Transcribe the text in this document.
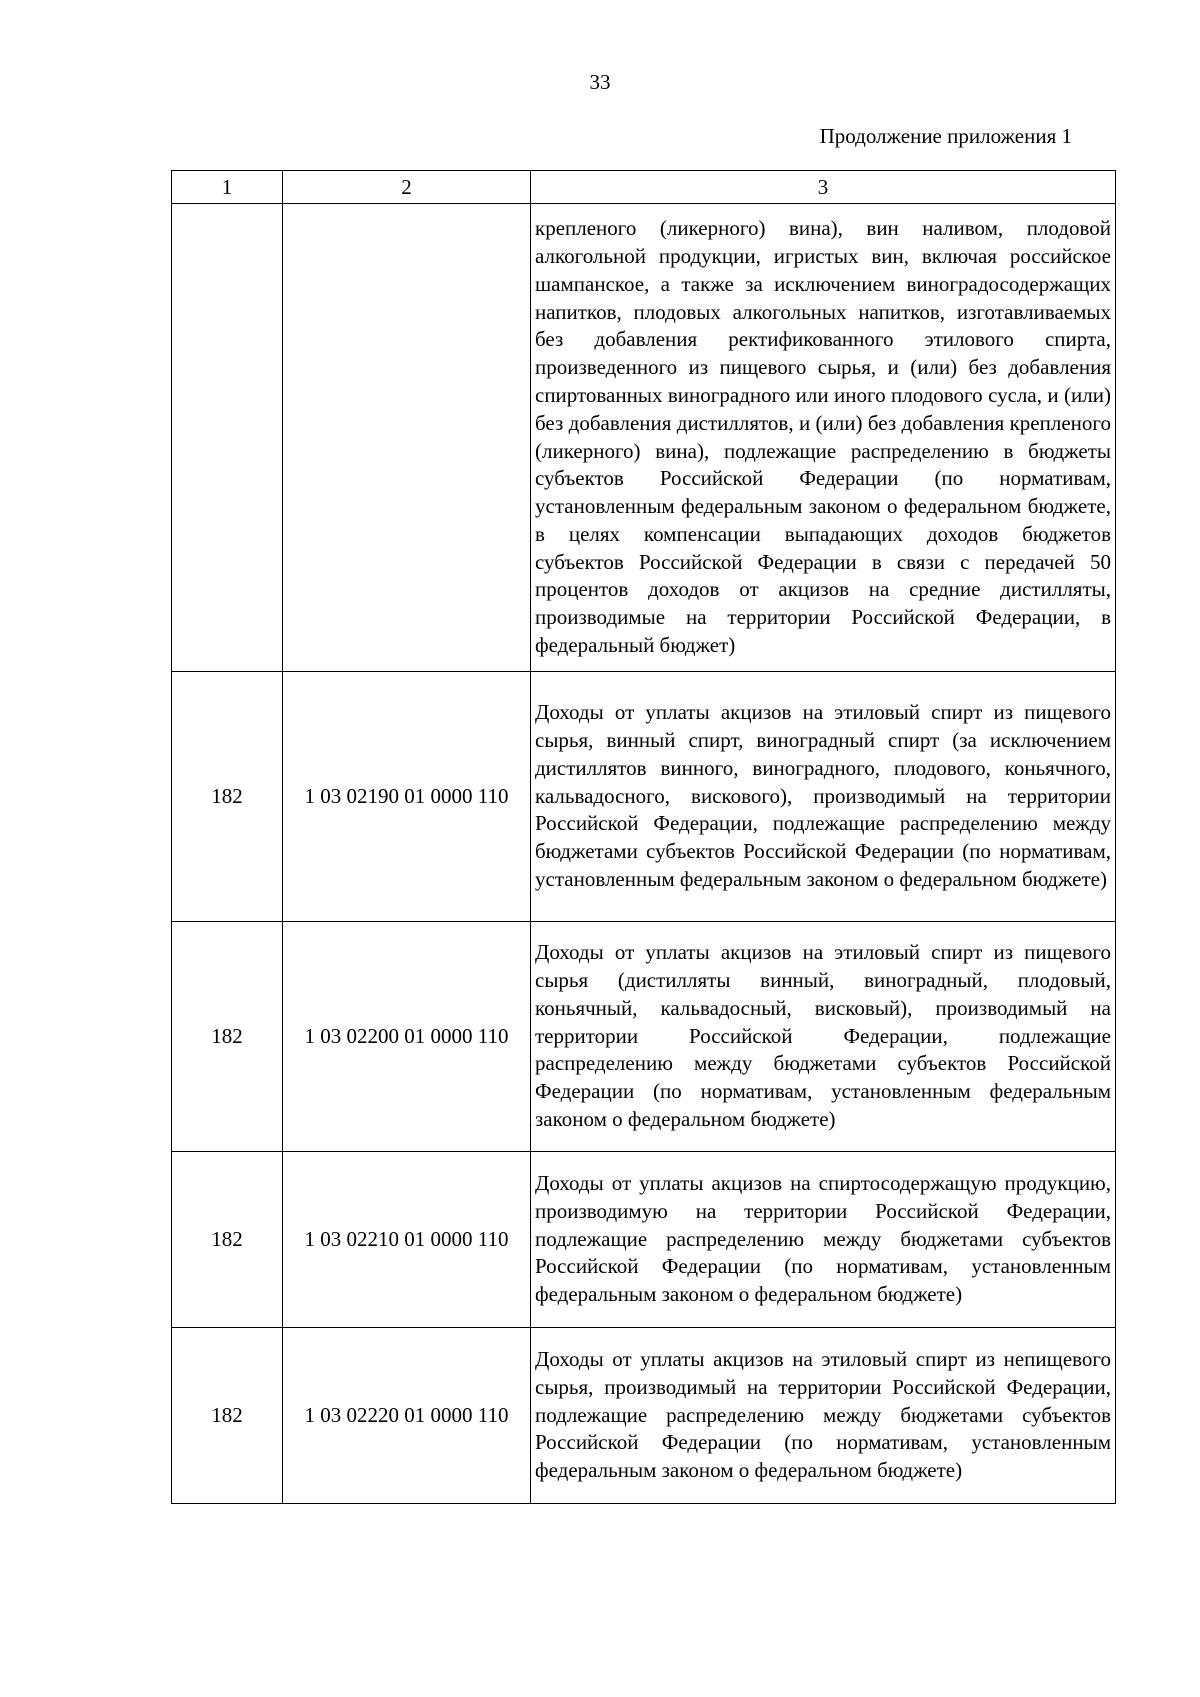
33
Продолжение приложения 1
1	2	3
		крепленого (ликерного) вина), вин наливом, плодовой алкогольной продукции, игристых вин, включая российское шампанское, а также за исключением виноградосодержащих напитков, плодовых алкогольных напитков, изготавливаемых без добавления ректификованного этилового спирта, произведенного из пищевого сырья, и (или) без добавления спиртованных виноградного или иного плодового сусла, и (или) без добавления дистиллятов, и (или) без добавления крепленого (ликерного) вина), подлежащие распределению в бюджеты субъектов Российской Федерации (по нормативам, установленным федеральным законом о федеральном бюджете, в целях компенсации выпадающих доходов бюджетов субъектов Российской Федерации в связи с передачей 50 процентов доходов от акцизов на средние дистилляты, производимые на территории Российской Федерации, в федеральный бюджет)
182	1 03 02190 01 0000 110	Доходы от уплаты акцизов на этиловый спирт из пищевого сырья, винный спирт, виноградный спирт (за исключением дистиллятов винного, виноградного, плодового, коньячного, кальвадосного, вискового), производимый на территории Российской Федерации, подлежащие распределению между бюджетами субъектов Российской Федерации (по нормативам, установленным федеральным законом о федеральном бюджете)
182	1 03 02200 01 0000 110	Доходы от уплаты акцизов на этиловый спирт из пищевого сырья (дистилляты винный, виноградный, плодовый, коньячный, кальвадосный, висковый), производимый на территории Российской Федерации, подлежащие распределению между бюджетами субъектов Российской Федерации (по нормативам, установленным федеральным законом о федеральном бюджете)
182	1 03 02210 01 0000 110	Доходы от уплаты акцизов на спиртосодержащую продукцию, производимую на территории Российской Федерации, подлежащие распределению между бюджетами субъектов Российской Федерации (по нормативам, установленным федеральным законом о федеральном бюджете)
182	1 03 02220 01 0000 110	Доходы от уплаты акцизов на этиловый спирт из непищевого сырья, производимый на территории Российской Федерации, подлежащие распределению между бюджетами субъектов Российской Федерации (по нормативам, установленным федеральным законом о федеральном бюджете)
